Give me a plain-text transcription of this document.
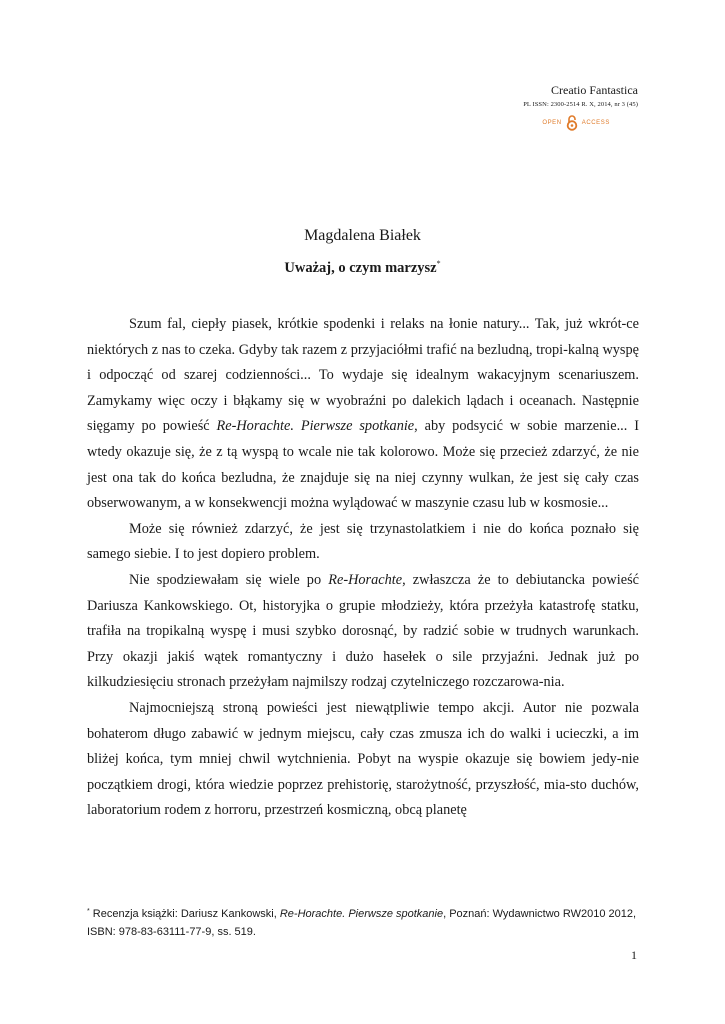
Creatio Fantastica
PL ISSN: 2300-2514 R. X, 2014, nr 3 (45)
OPEN	ACCESS
Magdalena Białek
Uważaj, o czym marzysz*

Szum fal, ciepły piasek, krótkie spodenki i relaks na łonie natury... Tak, już wkrót-ce niektórych z nas to czeka. Gdyby tak razem z przyjaciółmi trafić na bezludną, tropi-kalną wyspę i odpocząć od szarej codzienności... To wydaje się idealnym wakacyjnym scenariuszem. Zamykamy więc oczy i błąkamy się w wyobraźni po dalekich lądach i oceanach. Następnie sięgamy po powieść Re-Horachte. Pierwsze spotkanie, aby podsycić w sobie marzenie... I wtedy okazuje się, że z tą wyspą to wcale nie tak kolorowo. Może się przecież zdarzyć, że nie jest ona tak do końca bezludna, że znajduje się na niej czynny wulkan, że jest się cały czas obserwowanym, a w konsekwencji można wylądować w maszynie czasu lub w kosmosie...

Może się również zdarzyć, że jest się trzynastolatkiem i nie do końca poznało się samego siebie. I to jest dopiero problem.

Nie spodziewałam się wiele po Re-Horachte, zwłaszcza że to debiutancka powieść Dariusza Kankowskiego. Ot, historyjka o grupie młodzieży, która przeżyła katastrofę statku, trafiła na tropikalną wyspę i musi szybko dorosnąć, by radzić sobie w trudnych warunkach. Przy okazji jakiś wątek romantyczny i dużo hasełek o sile przyjaźni. Jednak już po kilkudziesięciu stronach przeżyłam najmilszy rodzaj czytelniczego rozczarowa-nia.

Najmocniejszą stroną powieści jest niewątpliwie tempo akcji. Autor nie pozwala bohaterom długo zabawić w jednym miejscu, cały czas zmusza ich do walki i ucieczki, a im bliżej końca, tym mniej chwil wytchnienia. Pobyt na wyspie okazuje się bowiem jedy-nie początkiem drogi, która wiedzie poprzez prehistorię, starożytność, przyszłość, mia-sto duchów, laboratorium rodem z horroru, przestrzeń kosmiczną, obcą planetę

* Recenzja książki: Dariusz Kankowski, Re-Horachte. Pierwsze spotkanie, Poznań: Wydawnictwo RW2010 2012, ISBN: 978-83-63111-77-9, ss. 519.
1
